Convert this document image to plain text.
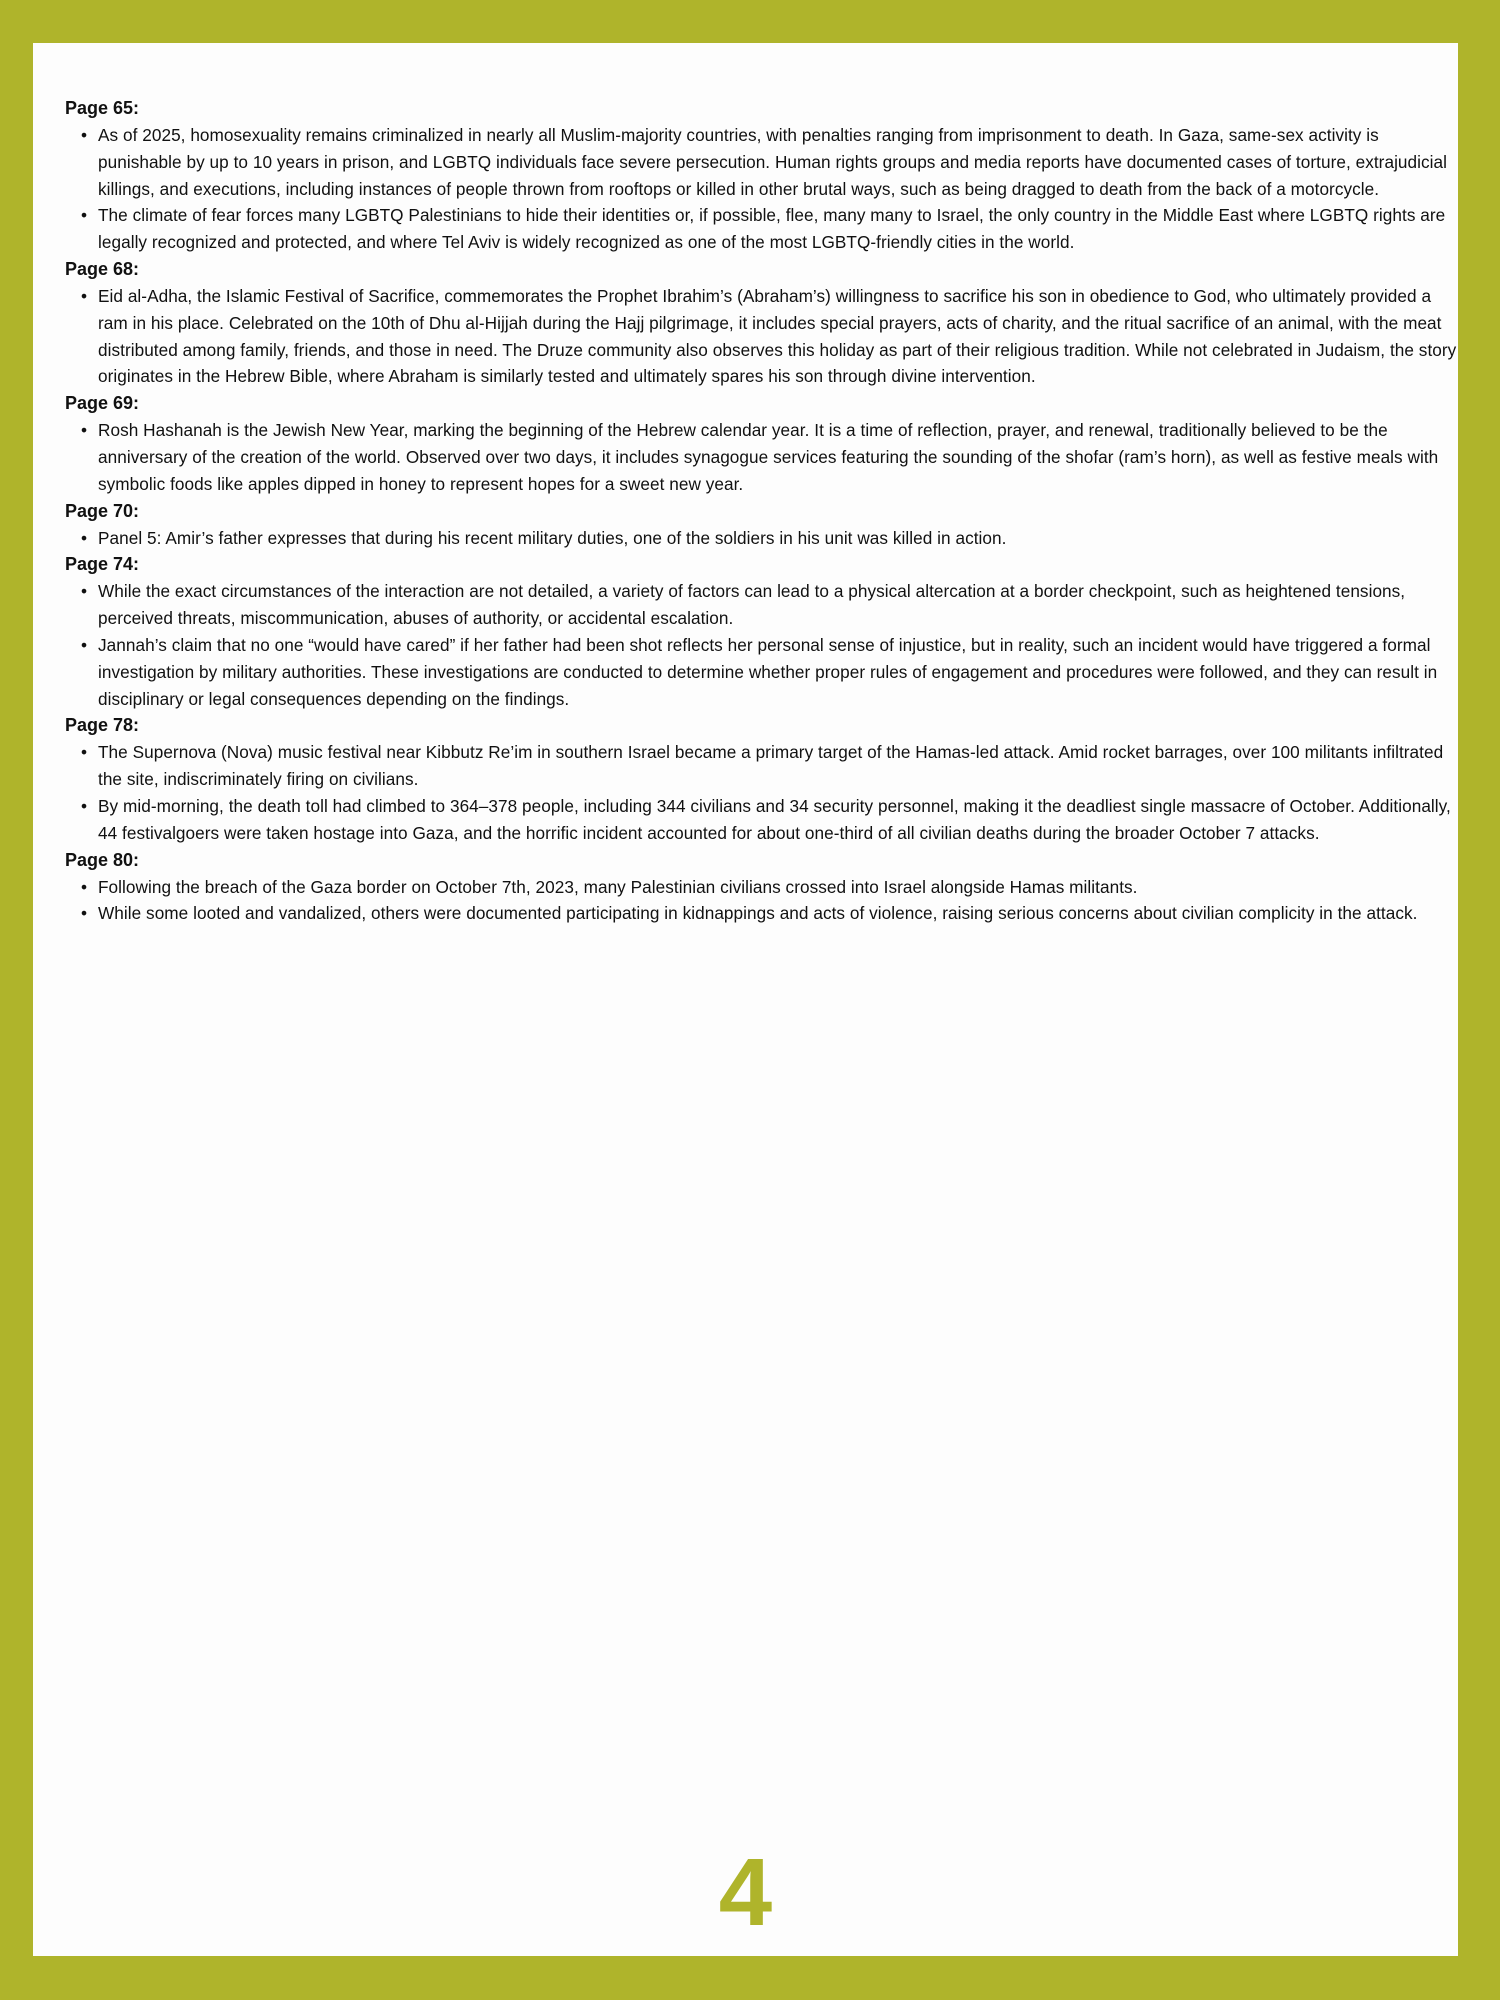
Page 65:

• As of 2025, homosexuality remains criminalized in nearly all Muslim-majority countries, with penalties ranging from imprisonment to death. In Gaza, same-sex activity is punishable by up to 10 years in prison, and LGBTQ individuals face severe persecution. Human rights groups and media reports have documented cases of torture, extrajudicial killings, and executions, including instances of people thrown from rooftops or killed in other brutal ways, such as being dragged to death from the back of a motorcycle.
• The climate of fear forces many LGBTQ Palestinians to hide their identities or, if possible, flee, many many to Israel, the only country in the Middle East where LGBTQ rights are legally recognized and protected, and where Tel Aviv is widely recognized as one of the most LGBTQ-friendly cities in the world.

Page 68:

• Eid al-Adha, the Islamic Festival of Sacrifice, commemorates the Prophet Ibrahim’s (Abraham’s) willingness to sacrifice his son in obedience to God, who ultimately provided a ram in his place. Celebrated on the 10th of Dhu al-Hijjah during the Hajj pilgrimage, it includes special prayers, acts of charity, and the ritual sacrifice of an animal, with the meat distributed among family, friends, and those in need. The Druze community also observes this holiday as part of their religious tradition. While not celebrated in Judaism, the story originates in the Hebrew Bible, where Abraham is similarly tested and ultimately spares his son through divine intervention.

Page 69:

• Rosh Hashanah is the Jewish New Year, marking the beginning of the Hebrew calendar year. It is a time of reflection, prayer, and renewal, traditionally believed to be the anniversary of the creation of the world. Observed over two days, it includes synagogue services featuring the sounding of the shofar (ram’s horn), as well as festive meals with symbolic foods like apples dipped in honey to represent hopes for a sweet new year.

Page 70:

• Panel 5: Amir’s father expresses that during his recent military duties, one of the soldiers in his unit was killed in action.

Page 74:

• While the exact circumstances of the interaction are not detailed, a variety of factors can lead to a physical altercation at a border checkpoint, such as heightened tensions, perceived threats, miscommunication, abuses of authority, or accidental escalation.
• Jannah’s claim that no one “would have cared” if her father had been shot reflects her personal sense of injustice, but in reality, such an incident would have triggered a formal investigation by military authorities. These investigations are conducted to determine whether proper rules of engagement and procedures were followed, and they can result in disciplinary or legal consequences depending on the findings.

Page 78:

• The Supernova (Nova) music festival near Kibbutz Re’im in southern Israel became a primary target of the Hamas-led attack. Amid rocket barrages, over 100 militants infiltrated the site, indiscriminately firing on civilians.
• By mid-morning, the death toll had climbed to 364–378 people, including 344 civilians and 34 security personnel, making it the deadliest single massacre of October. Additionally, 44 festivalgoers were taken hostage into Gaza, and the horrific incident accounted for about one-third of all civilian deaths during the broader October 7 attacks.

Page 80:

• Following the breach of the Gaza border on October 7th, 2023, many Palestinian civilians crossed into Israel alongside Hamas militants.
• While some looted and vandalized, others were documented participating in kidnappings and acts of violence, raising serious concerns about civilian complicity in the attack.
4
